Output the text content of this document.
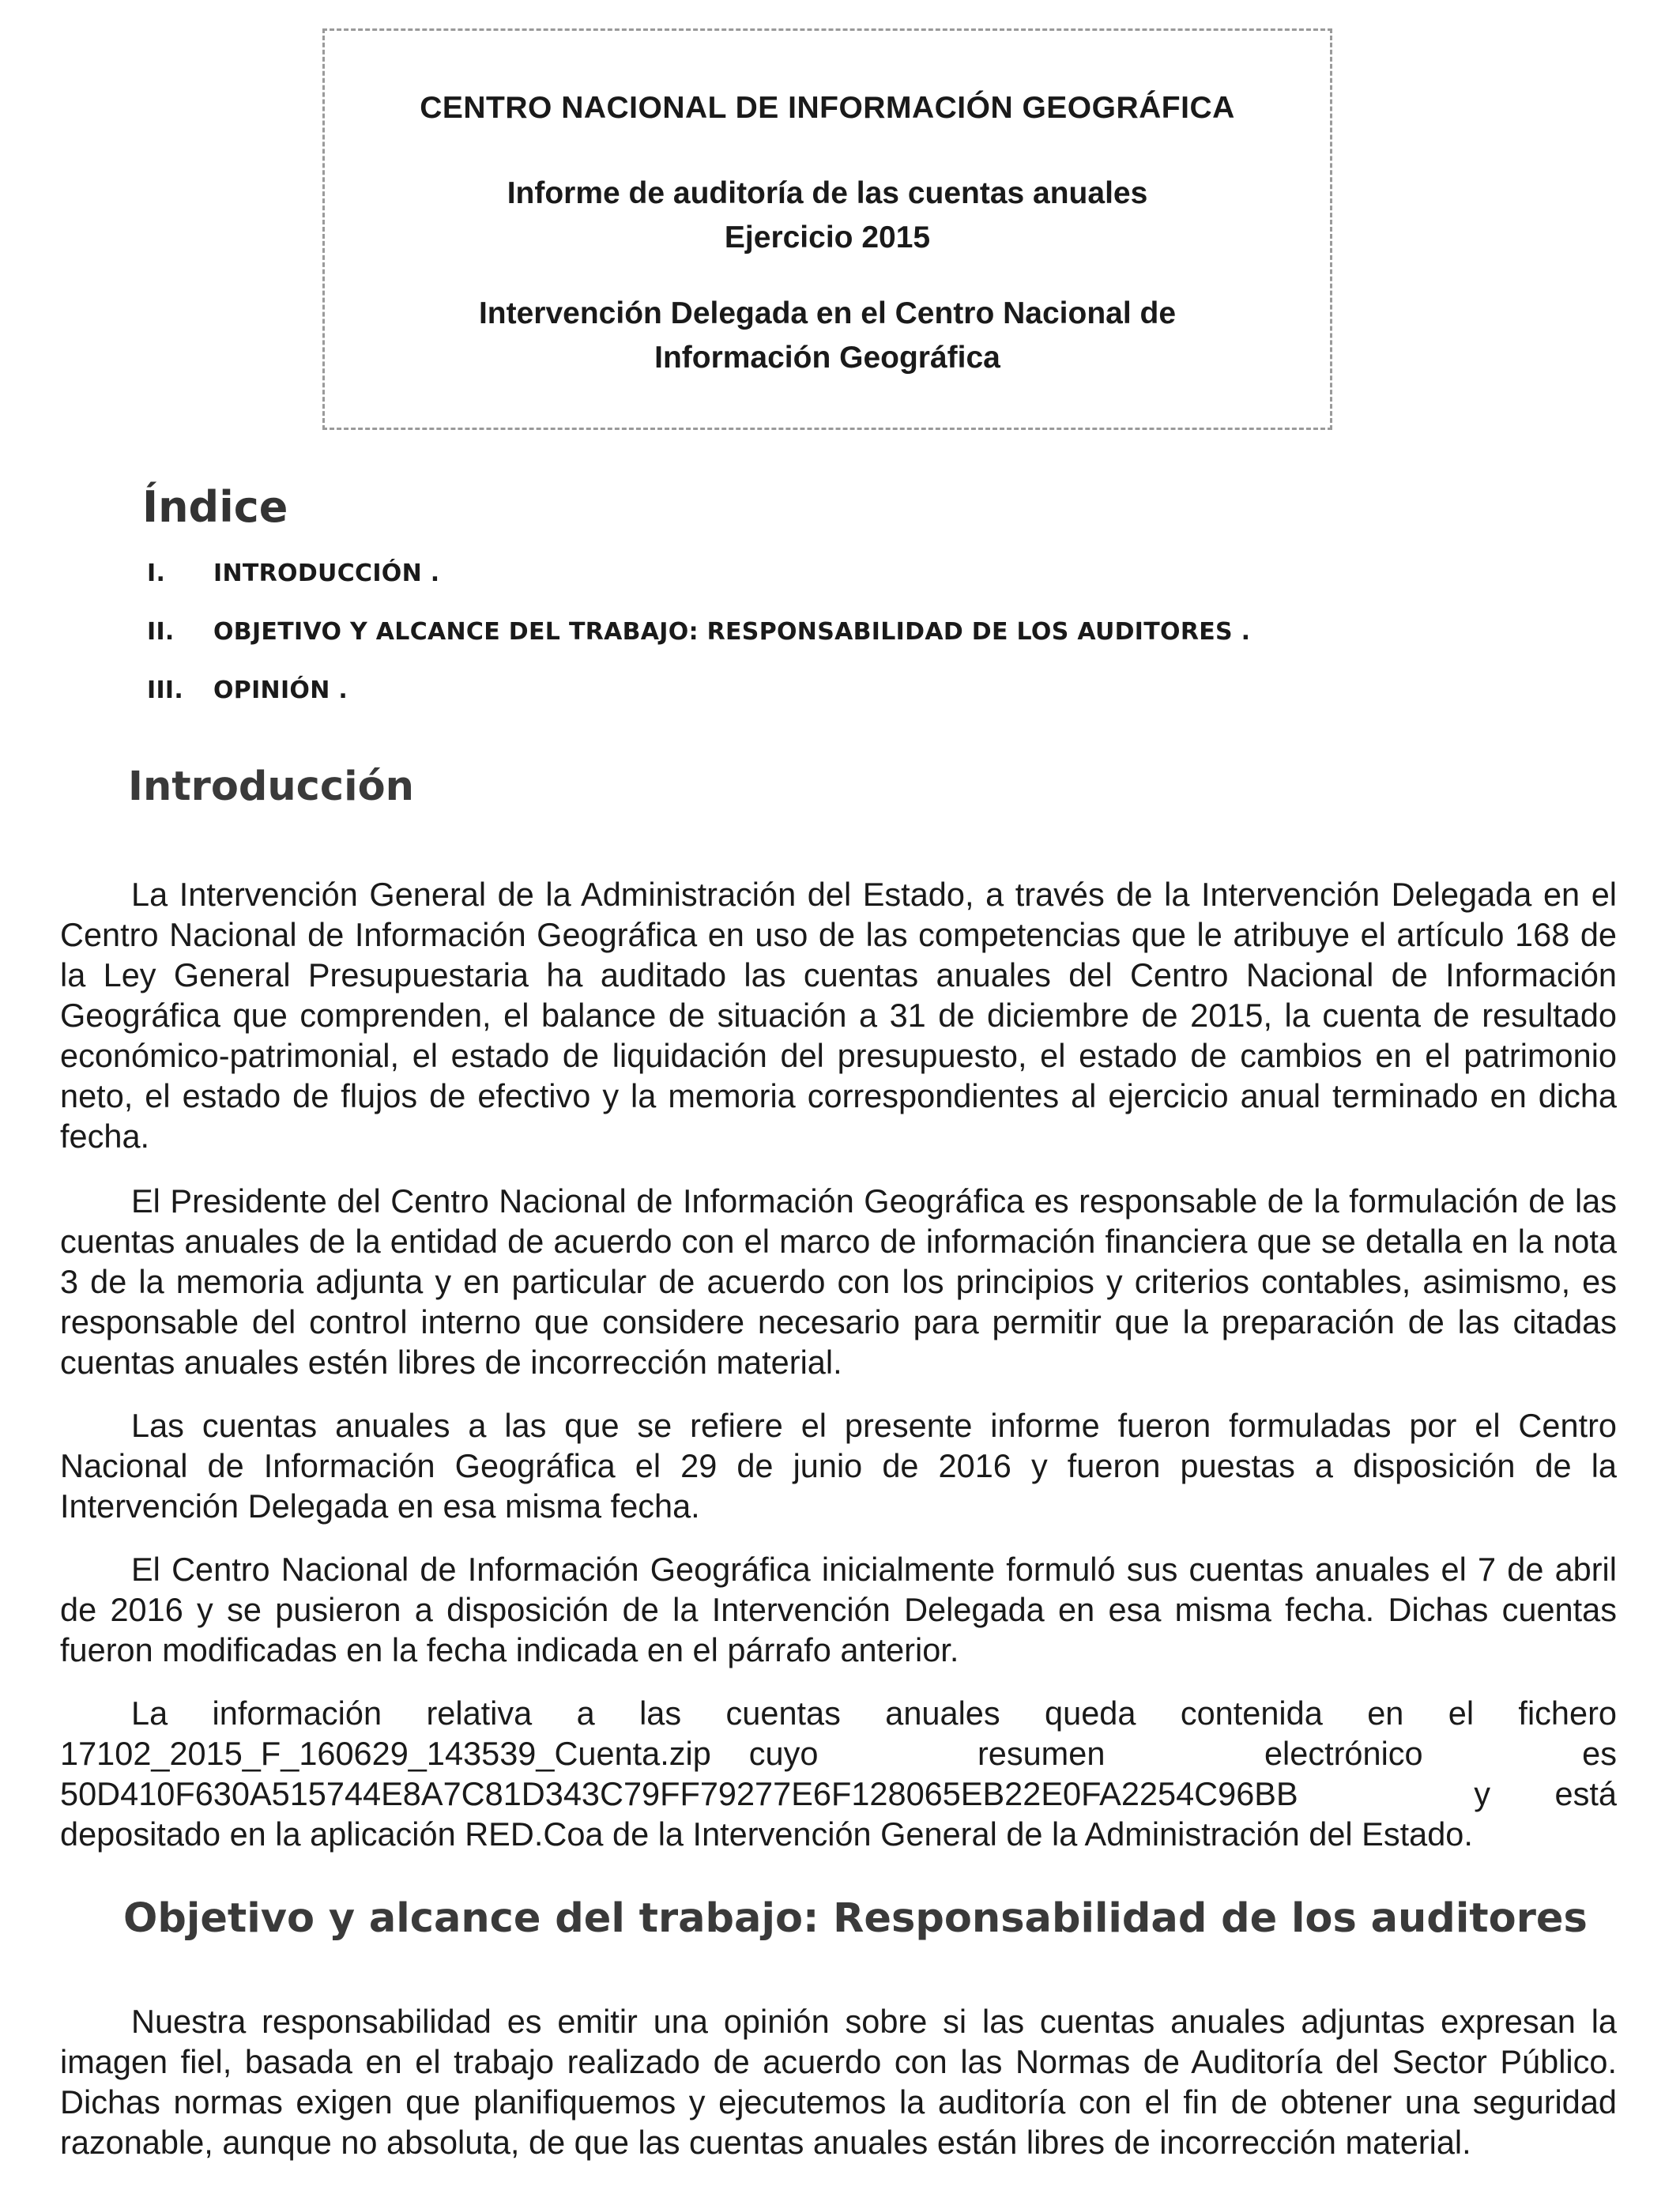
CENTRO NACIONAL DE INFORMACIÓN GEOGRÁFICA
Informe de auditoría de las cuentas anuales
Ejercicio 2015
Intervención Delegada en el Centro Nacional de
Información Geográfica
Índice
I. INTRODUCCIÓN .
II. OBJETIVO Y ALCANCE DEL TRABAJO: RESPONSABILIDAD DE LOS AUDITORES .
III. OPINIÓN .
Introducción

La Intervención General de la Administración del Estado, a través de la Intervención Delegada en el Centro Nacional de Información Geográfica en uso de las competencias que le atribuye el artículo 168 de la Ley General Presupuestaria ha auditado las cuentas anuales del Centro Nacional de Información Geográfica que comprenden, el balance de situación a 31 de diciembre de 2015, la cuenta de resultado económico-patrimonial, el estado de liquidación del presupuesto, el estado de cambios en el patrimonio neto, el estado de flujos de efectivo y la memoria correspondientes al ejercicio anual terminado en dicha fecha.

El Presidente del Centro Nacional de Información Geográfica es responsable de la formulación de las cuentas anuales de la entidad de acuerdo con el marco de información financiera que se detalla en la nota 3 de la memoria adjunta y en particular de acuerdo con los principios y criterios contables, asimismo, es responsable del control interno que considere necesario para permitir que la preparación de las citadas cuentas anuales estén libres de incorrección material.

Las cuentas anuales a las que se refiere el presente informe fueron formuladas por el Centro Nacional de Información Geográfica el 29 de junio de 2016 y fueron puestas a disposición de la Intervención Delegada en esa misma fecha.

El Centro Nacional de Información Geográfica inicialmente formuló sus cuentas anuales el 7 de abril de 2016 y se pusieron a disposición de la Intervención Delegada en esa misma fecha. Dichas cuentas fueron modificadas en la fecha indicada en el párrafo anterior.

La información relativa a las cuentas anuales queda contenida en el fichero
17102_2015_F_160629_143539_Cuenta.zip cuyo resumen electrónico es
50D410F630A515744E8A7C81D343C79FF79277E6F128065EB22E0FA2254C96BB	y está
depositado en la aplicación RED.Coa de la Intervención General de la Administración del Estado.
Objetivo y alcance del trabajo: Responsabilidad de los auditores

Nuestra responsabilidad es emitir una opinión sobre si las cuentas anuales adjuntas expresan la imagen fiel, basada en el trabajo realizado de acuerdo con las Normas de Auditoría del Sector Público. Dichas normas exigen que planifiquemos y ejecutemos la auditoría con el fin de obtener una seguridad razonable, aunque no absoluta, de que las cuentas anuales están libres de incorrección material.
